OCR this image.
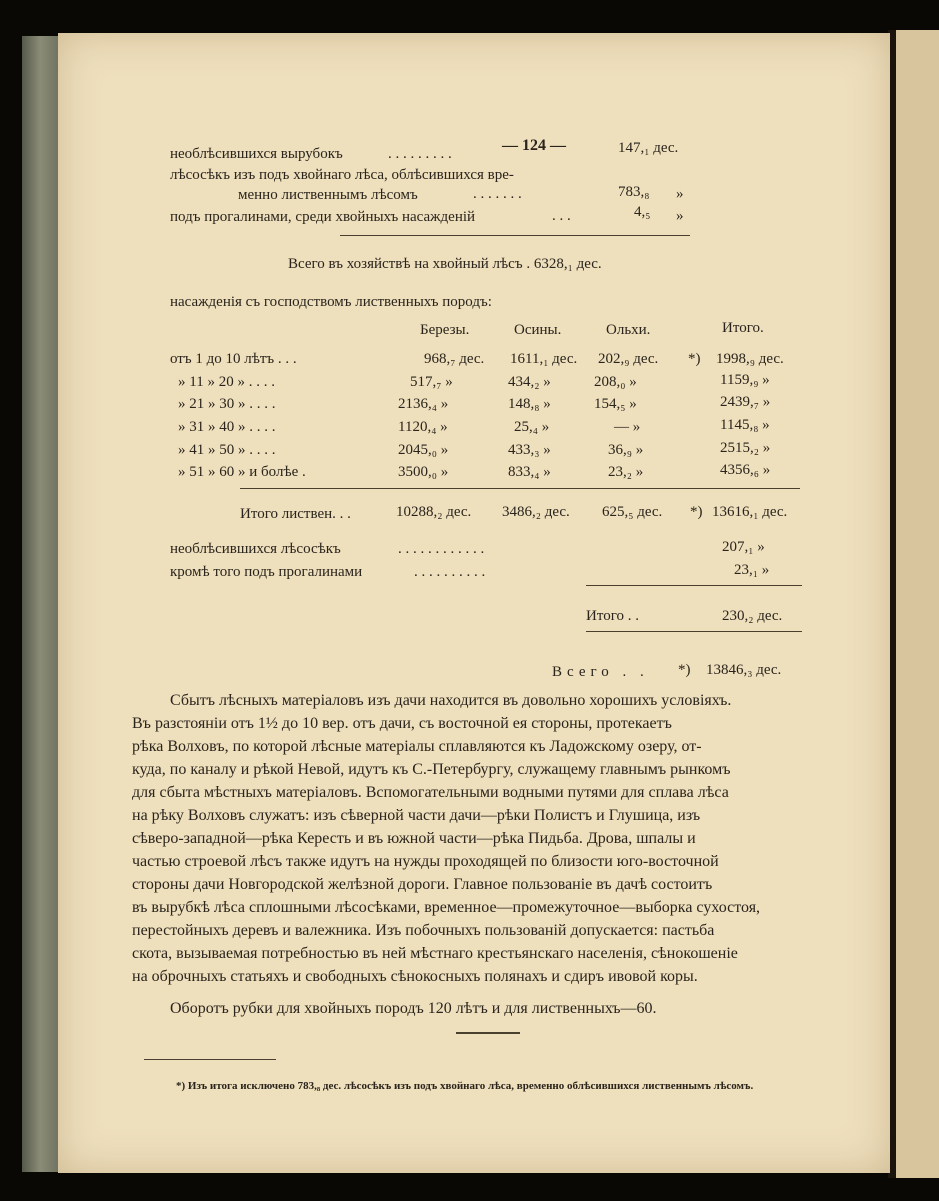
— 124 —
необлѣсившихся вырубокъ	. . . . . . . . .	147,₁ дес.
лѣсосѣкъ изъ подъ хвойнаго лѣса, облѣсившихся вре-
менно лиственнымъ лѣсомъ	. . . . . . .	783,₈ »
подъ прогалинами, среди хвойныхъ насажденій	. . .	4,₅ »
Всего въ хозяйствѣ на хвойный лѣсъ . 6328,₁ дес.
насажденія съ господствомъ лиственныхъ породъ:
Березы.	Осины.	Ольхи.	Итого.
отъ 1 до 10 лѣтъ . . .	968,₇ дес. 1611,₁ дес. 202,₉ дес. *) 1998,₉ дес.
» 11 » 20 » . . . .	517,₇ »	434,₂ »	208,₀ »	1159,₉ »
» 21 » 30 » . . . .	2136,₄ »	148,₈ »	154,₅ »	2439,₇ »
» 31 » 40 » . . . .	1120,₄ »	25,₄ »	— »	1145,₈ »
» 41 » 50 » . . . .	2045,₀ »	433,₃ »	36,₉ »	2515,₂ »
» 51 » 60 » и болѣе .	3500,₀ »	833,₄ »	23,₂ »	4356,₆ »
Итого листвен. . .	10288,₂ дес. 3486,₂ дес. 625,₅ дес. *) 13616,₁ дес.
необлѣсившихся лѣсосѣкъ	. . . . . . . . . . . .	207,₁ »
кромѣ того подъ прогалинами	. . . . . . . . . .	23,₁ »
Итого . .	230,₂ дес.
Всего . . *) 13846,₃ дес.
Сбытъ лѣсныхъ матеріаловъ изъ дачи находится въ довольно хорошихъ условіяхъ.
Въ разстояніи отъ 1½ до 10 вер. отъ дачи, съ восточной ея стороны, протекаетъ
рѣка Волховъ, по которой лѣсные матеріалы сплавляются къ Ладожскому озеру, от-
куда, по каналу и рѣкой Невой, идутъ къ С.-Петербургу, служащему главнымъ рынкомъ
для сбыта мѣстныхъ матеріаловъ. Вспомогательными водными путями для сплава лѣса
на рѣку Волховъ служатъ: изъ сѣверной части дачи—рѣки Полистъ и Глушица, изъ
сѣверо-западной—рѣка Кересть и въ южной части—рѣка Пидьба. Дрова, шпалы и
частью строевой лѣсъ также идутъ на нужды проходящей по близости юго-восточной
стороны дачи Новгородской желѣзной дороги. Главное пользованіе въ дачѣ состоитъ
въ вырубкѣ лѣса сплошными лѣсосѣками, временное—промежуточное—выборка сухостоя,
перестойныхъ деревъ и валежника. Изъ побочныхъ пользованій допускается: пастьба
скота, вызываемая потребностью въ ней мѣстнаго крестьянскаго населенія, сѣнокошеніе
на оброчныхъ статьяхъ и свободныхъ сѣнокосныхъ полянахъ и сдиръ ивовой коры.
Оборотъ рубки для хвойныхъ породъ 120 лѣтъ и для лиственныхъ—60.
*) Изъ итога исключено 783,₈ дес. лѣсосѣкъ изъ подъ хвойнаго лѣса, временно облѣсившихся лиственнымъ лѣсомъ.
